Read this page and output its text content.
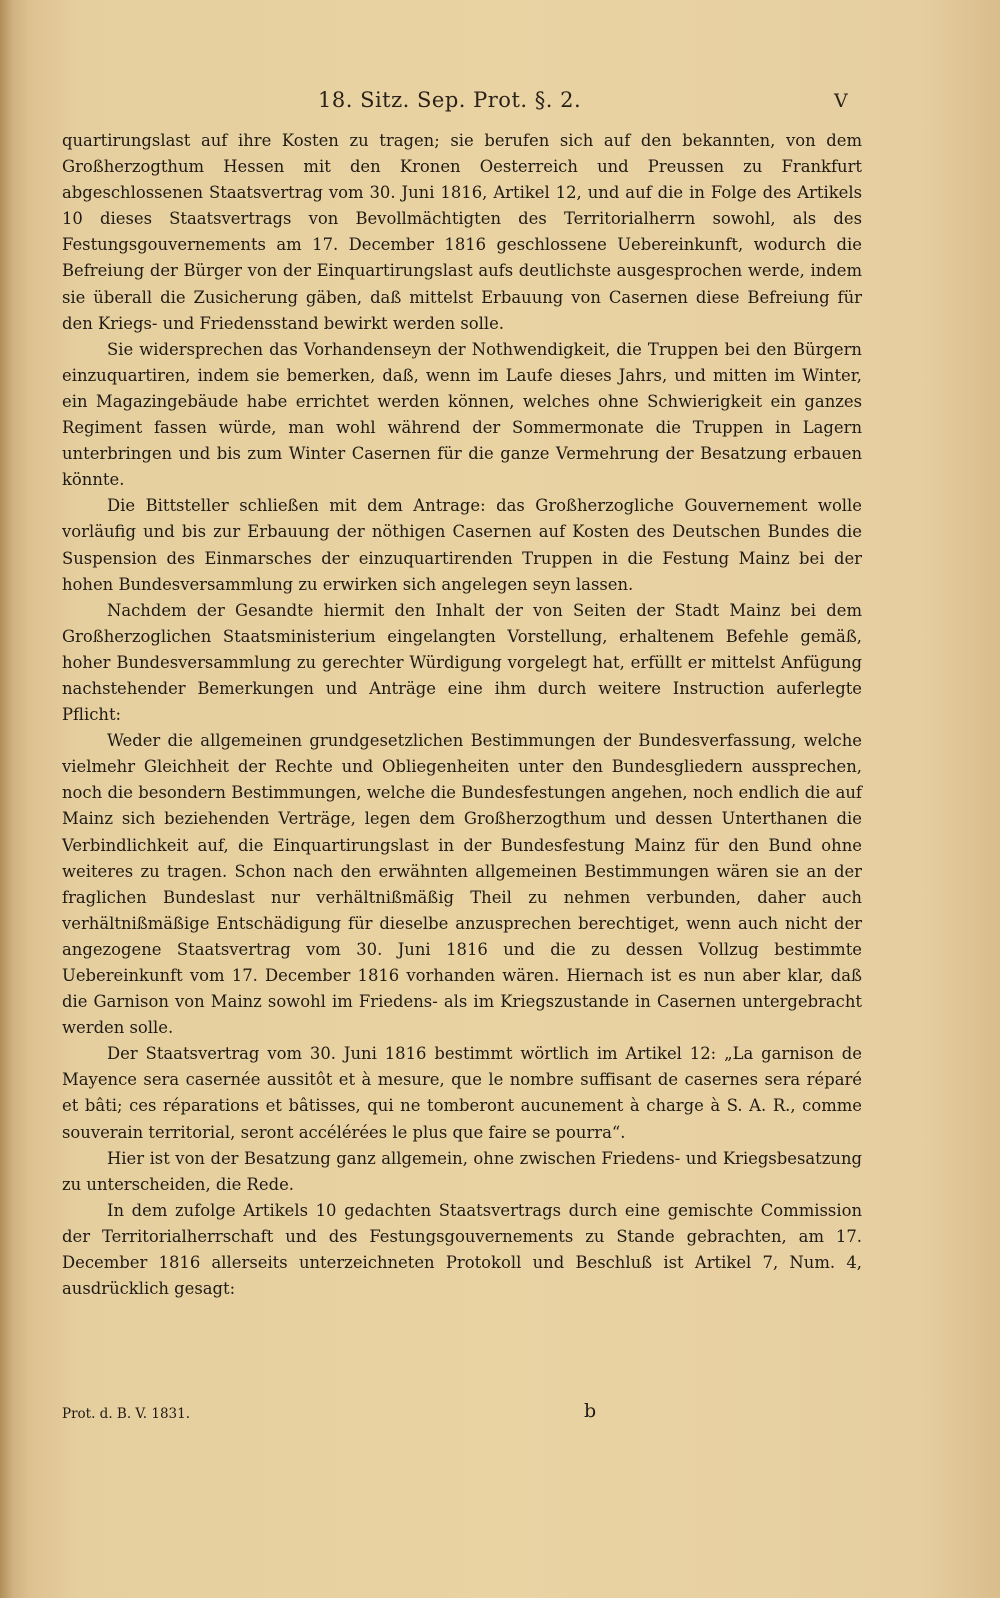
18. Sitz. Sep. Prot. §. 2.	V

quartirungslast auf ihre Kosten zu tragen; sie berufen sich auf den bekannten, von dem Großherzogthum Hessen mit den Kronen Oesterreich und Preussen zu Frankfurt abgeschlossenen Staatsvertrag vom 30. Juni 1816, Artikel 12, und auf die in Folge des Artikels 10 dieses Staatsvertrags von Bevollmächtigten des Territorialherrn sowohl, als des Festungsgouvernements am 17. December 1816 geschlossene Uebereinkunft, wodurch die Befreiung der Bürger von der Einquartirungslast aufs deutlichste ausgesprochen werde, indem sie überall die Zusicherung gäben, daß mittelst Erbauung von Casernen diese Befreiung für den Kriegs- und Friedensstand bewirkt werden solle.

Sie widersprechen das Vorhandenseyn der Nothwendigkeit, die Truppen bei den Bürgern einzuquartiren, indem sie bemerken, daß, wenn im Laufe dieses Jahrs, und mitten im Winter, ein Magazingebäude habe errichtet werden können, welches ohne Schwierigkeit ein ganzes Regiment fassen würde, man wohl während der Sommermonate die Truppen in Lagern unterbringen und bis zum Winter Casernen für die ganze Vermehrung der Besatzung erbauen könnte.

Die Bittsteller schließen mit dem Antrage: das Großherzogliche Gouvernement wolle vorläufig und bis zur Erbauung der nöthigen Casernen auf Kosten des Deutschen Bundes die Suspension des Einmarsches der einzuquartirenden Truppen in die Festung Mainz bei der hohen Bundesversammlung zu erwirken sich angelegen seyn lassen.

Nachdem der Gesandte hiermit den Inhalt der von Seiten der Stadt Mainz bei dem Großherzoglichen Staatsministerium eingelangten Vorstellung, erhaltenem Befehle gemäß, hoher Bundesversammlung zu gerechter Würdigung vorgelegt hat, erfüllt er mittelst Anfügung nachstehender Bemerkungen und Anträge eine ihm durch weitere Instruction auferlegte Pflicht:

Weder die allgemeinen grundgesetzlichen Bestimmungen der Bundesverfassung, welche vielmehr Gleichheit der Rechte und Obliegenheiten unter den Bundesgliedern aussprechen, noch die besondern Bestimmungen, welche die Bundesfestungen angehen, noch endlich die auf Mainz sich beziehenden Verträge, legen dem Großherzogthum und dessen Unterthanen die Verbindlichkeit auf, die Einquartirungslast in der Bundesfestung Mainz für den Bund ohne weiteres zu tragen. Schon nach den erwähnten allgemeinen Bestimmungen wären sie an der fraglichen Bundeslast nur verhältnißmäßig Theil zu nehmen verbunden, daher auch verhältnißmäßige Entschädigung für dieselbe anzusprechen berechtiget, wenn auch nicht der angezogene Staatsvertrag vom 30. Juni 1816 und die zu dessen Vollzug bestimmte Uebereinkunft vom 17. December 1816 vorhanden wären. Hiernach ist es nun aber klar, daß die Garnison von Mainz sowohl im Friedens- als im Kriegszustande in Casernen untergebracht werden solle.

Der Staatsvertrag vom 30. Juni 1816 bestimmt wörtlich im Artikel 12: „La garnison de Mayence sera casernée aussitôt et à mesure, que le nombre suffisant de casernes sera réparé et bâti; ces réparations et bâtisses, qui ne tomberont aucunement à charge à S. A. R., comme souverain territorial, seront accélérées le plus que faire se pourra“.

Hier ist von der Besatzung ganz allgemein, ohne zwischen Friedens- und Kriegsbesatzung zu unterscheiden, die Rede.

In dem zufolge Artikels 10 gedachten Staatsvertrags durch eine gemischte Commission der Territorialherrschaft und des Festungsgouvernements zu Stande gebrachten, am 17. December 1816 allerseits unterzeichneten Protokoll und Beschluß ist Artikel 7, Num. 4, ausdrücklich gesagt:

Prot. d. B. V. 1831.	b
